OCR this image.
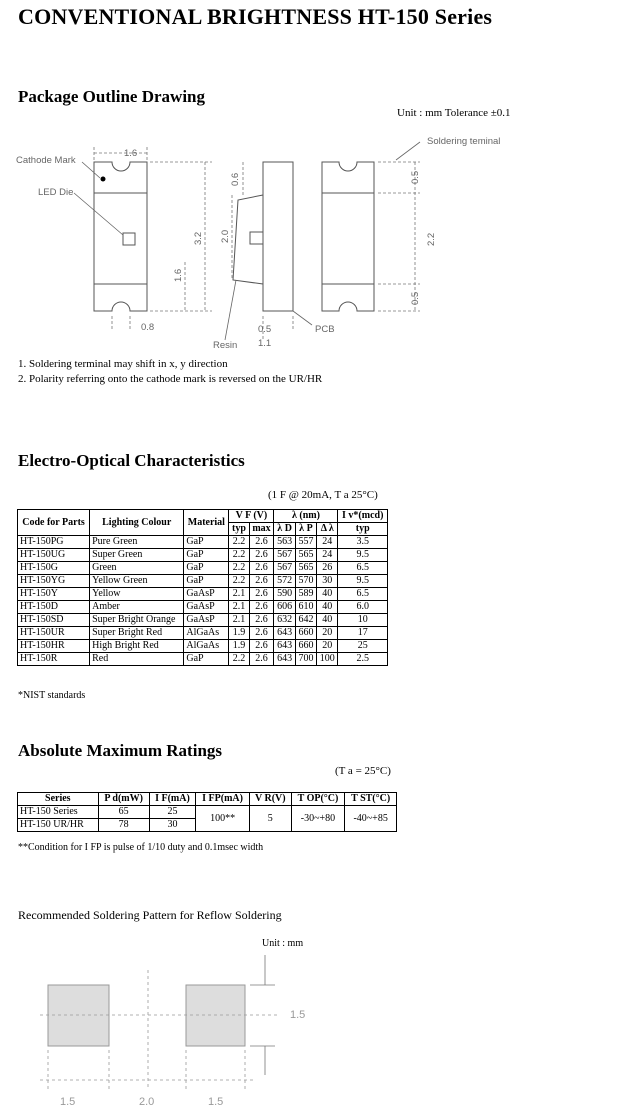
CONVENTIONAL BRIGHTNESS HT-150 Series
Package Outline Drawing
Unit : mm Tolerance ±0.1
Cathode Mark
LED Die
Soldering teminal
Resin
PCB
1.6
0.8	0.5
1.1
3.2
1.6
2.0
0.6	0.5
2.2
0.5
1. Soldering terminal may shift in x, y direction
2. Polarity referring onto the cathode mark is reversed on the UR/HR
Electro-Optical Characteristics
(1 F @ 20mA, T a 25°C)
Code for Parts	Lighting Colour	Material	V F (V)		λ (nm)			I v*(mcd)
			typ	max	λ D	λ P	Δ λ	typ
HT-150PG	Pure Green	GaP	2.2	2.6	563	557	24	3.5
HT-150UG	Super Green	GaP	2.2	2.6	567	565	24	9.5
HT-150G	Green	GaP	2.2	2.6	567	565	26	6.5
HT-150YG	Yellow Green	GaP	2.2	2.6	572	570	30	9.5
HT-150Y	Yellow	GaAsP	2.1	2.6	590	589	40	6.5
HT-150D	Amber	GaAsP	2.1	2.6	606	610	40	6.0
HT-150SD	Super Bright Orange	GaAsP	2.1	2.6	632	642	40	10
HT-150UR	Super Bright Red	AlGaAs	1.9	2.6	643	660	20	17
HT-150HR	High Bright Red	AlGaAs	1.9	2.6	643	660	20	25
HT-150R	Red	GaP	2.2	2.6	643	700	100	2.5
*NIST standards
Absolute Maximum Ratings
(T a = 25°C)
Series	P d(mW)	I F(mA)	I FP(mA)	V R(V)	T OP(°C)	T ST(°C)
HT-150 Series	65	25	100**	5	-30~+80	-40~+85
HT-150 UR/HR	78	30				
**Condition for I FP is pulse of 1/10 duty and 0.1msec width
Recommended Soldering Pattern for Reflow Soldering
Unit : mm
1.5
1.5	2.0	1.5
